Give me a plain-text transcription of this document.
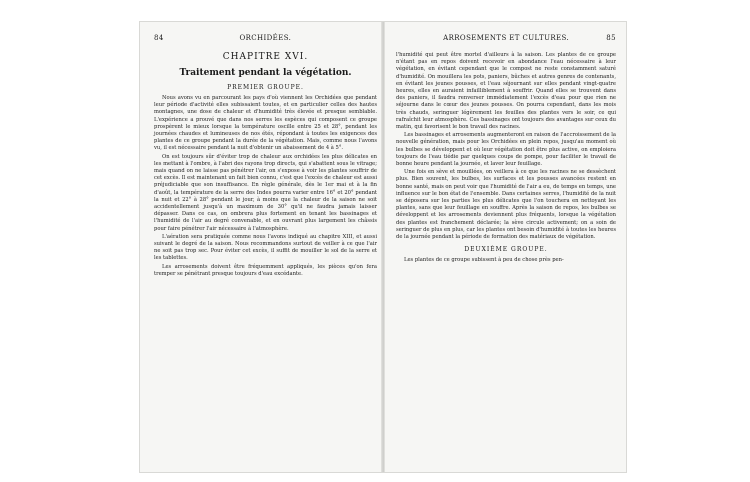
84	ORCHIDÉES.
CHAPITRE XVI.
Traitement pendant la végétation.
PREMIER GROUPE.

Nous avons vu en parcourant les pays d'où viennent les Orchidées que pendant leur période d'activité elles subissaient toutes, et en particulier celles des hautes montagnes, une dose de chaleur et d'humidité très élevée et presque semblable. L'expérience a prouvé que dans nos serres les espèces qui composent ce groupe prospèrent le mieux lorsque la température oscille entre 25 et 28°, pendant les journées chaudes et lumineuses de nos étés, répondant à toutes les exigences des plantes de ce groupe pendant la durée de la végétation. Mais, comme nous l'avons vu, il est nécessaire pendant la nuit d'obtenir un abaissement de 4 à 5°.

On est toujours sûr d'éviter trop de chaleur aux orchidées les plus délicates en les mettant à l'ombre, à l'abri des rayons trop directs, qui s'abattent sous le vitrage; mais quand on ne laisse pas pénétrer l'air, on s'expose à voir les plantes souffrir de cet excès. Il est maintenant un fait bien connu, c'est que l'excès de chaleur est aussi préjudiciable que son insuffisance. En règle générale, dès le 1er mai et à la fin d'août, la température de la serre des Indes pourra varier entre 16° et 20° pendant la nuit et 22° à 28° pendant le jour, à moins que la chaleur de la saison ne soit accidentellement jusqu'à un maximum de 30° qu'il ne faudra jamais laisser dépasser. Dans ce cas, on ombrera plus fortement en tenant les bassinages et l'humidité de l'air au degré convenable, et en ouvrant plus largement les châssis pour faire pénétrer l'air nécessaire à l'atmosphère.

L'aération sera pratiquée comme nous l'avons indiqué au chapitre XIII, et aussi suivant le degré de la saison. Nous recommandons surtout de veiller à ce que l'air ne soit pas trop sec. Pour éviter cet excès, il suffit de mouiller le sol de la serre et les tablettes.

Les arrosements doivent être fréquemment appliqués, les pièces qu'on fera tremper se pénétrant presque toujours d'eau excédante.

ARROSEMENTS ET CULTURES.	85

l'humidité qui peut être mortel d'ailleurs à la saison. Les plantes de ce groupe n'étant pas en repos doivent recevoir en abondance l'eau nécessaire à leur végétation, en évitant cependant que le compost ne reste constamment saturé d'humidité. On mouillera les pots, paniers, bûches et autres genres de contenants, en évitant les jeunes pousses, et l'eau séjournant sur elles pendant vingt-quatre heures, elles en auraient infailliblement à souffrir. Quand elles se trouvent dans des paniers, il faudra renverser immédiatement l'excès d'eau pour que rien ne séjourne dans le cœur des jeunes pousses. On pourra cependant, dans les mois très chauds, seringuer légèrement les feuilles des plantes vers le soir, ce qui rafraîchit leur atmosphère. Ces bassinages ont toujours des avantages sur ceux du matin, qui favorisent le bon travail des racines.

Les bassinages et arrosements augmenteront en raison de l'accroissement de la nouvelle génération, mais pour les Orchidées en plein repos, jusqu'au moment où les bulbes se développent et où leur végétation doit être plus active, on emploiera toujours de l'eau tiédie par quelques coups de pompe, pour faciliter le travail de bonne heure pendant la journée, et laver leur feuillage.

Une fois en sève et mouillées, on veillera à ce que les racines ne se dessèchent plus. Bien souvent, les bulbes, les surfaces et les pousses avancées restent en bonne santé, mais on peut voir que l'humidité de l'air a eu, de temps en temps, une influence sur le bon état de l'ensemble. Dans certaines serres, l'humidité de la nuit se déposera sur les parties les plus délicates que l'on touchera en nettoyant les plantes, sans que leur feuillage en souffre. Après la saison de repos, les bulbes se développent et les arrosements deviennent plus fréquents, lorsque la végétation des plantes est franchement déclarée; la sève circule activement; on a soin de seringuer de plus en plus, car les plantes ont besoin d'humidité à toutes les heures de la journée pendant la période de formation des matériaux de végétation.

DEUXIÈME GROUPE.

Les plantes de ce groupe subissent à peu de chose près pen-
